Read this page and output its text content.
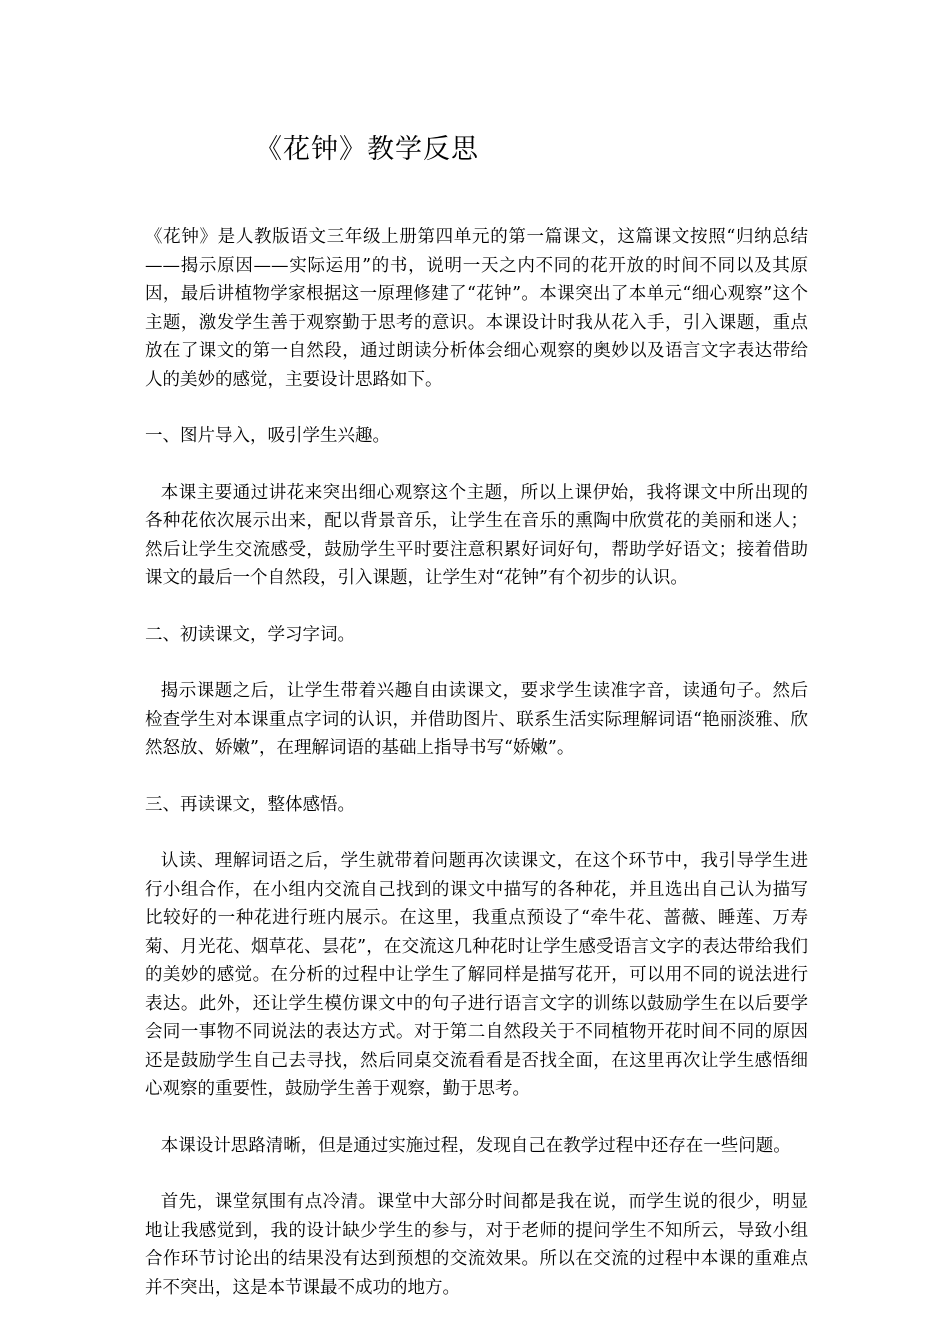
《花钟》教学反思

《花钟》是人教版语文三年级上册第四单元的第一篇课文，这篇课文按照“归纳总结——揭示原因——实际运用”的书，说明一天之内不同的花开放的时间不同以及其原因，最后讲植物学家根据这一原理修建了“花钟”。本课突出了本单元“细心观察”这个主题，激发学生善于观察勤于思考的意识。本课设计时我从花入手，引入课题，重点放在了课文的第一自然段，通过朗读分析体会细心观察的奥妙以及语言文字表达带给人的美妙的感觉，主要设计思路如下。

一、图片导入，吸引学生兴趣。

本课主要通过讲花来突出细心观察这个主题，所以上课伊始，我将课文中所出现的各种花依次展示出来，配以背景音乐，让学生在音乐的熏陶中欣赏花的美丽和迷人；然后让学生交流感受，鼓励学生平时要注意积累好词好句，帮助学好语文；接着借助课文的最后一个自然段，引入课题，让学生对“花钟”有个初步的认识。

二、初读课文，学习字词。

揭示课题之后，让学生带着兴趣自由读课文，要求学生读准字音，读通句子。然后检查学生对本课重点字词的认识，并借助图片、联系生活实际理解词语“艳丽淡雅、欣然怒放、娇嫩”，在理解词语的基础上指导书写“娇嫩”。

三、再读课文，整体感悟。

认读、理解词语之后，学生就带着问题再次读课文，在这个环节中，我引导学生进行小组合作，在小组内交流自己找到的课文中描写的各种花，并且选出自己认为描写比较好的一种花进行班内展示。在这里，我重点预设了“牵牛花、蔷薇、睡莲、万寿菊、月光花、烟草花、昙花”，在交流这几种花时让学生感受语言文字的表达带给我们的美妙的感觉。在分析的过程中让学生了解同样是描写花开，可以用不同的说法进行表达。此外，还让学生模仿课文中的句子进行语言文字的训练以鼓励学生在以后要学会同一事物不同说法的表达方式。对于第二自然段关于不同植物开花时间不同的原因还是鼓励学生自己去寻找，然后同桌交流看看是否找全面，在这里再次让学生感悟细心观察的重要性，鼓励学生善于观察，勤于思考。

本课设计思路清晰，但是通过实施过程，发现自己在教学过程中还存在一些问题。

首先，课堂氛围有点冷清。课堂中大部分时间都是我在说，而学生说的很少，明显地让我感觉到，我的设计缺少学生的参与，对于老师的提问学生不知所云，导致小组合作环节讨论出的结果没有达到预想的交流效果。所以在交流的过程中本课的重难点并不突出，这是本节课最不成功的地方。
